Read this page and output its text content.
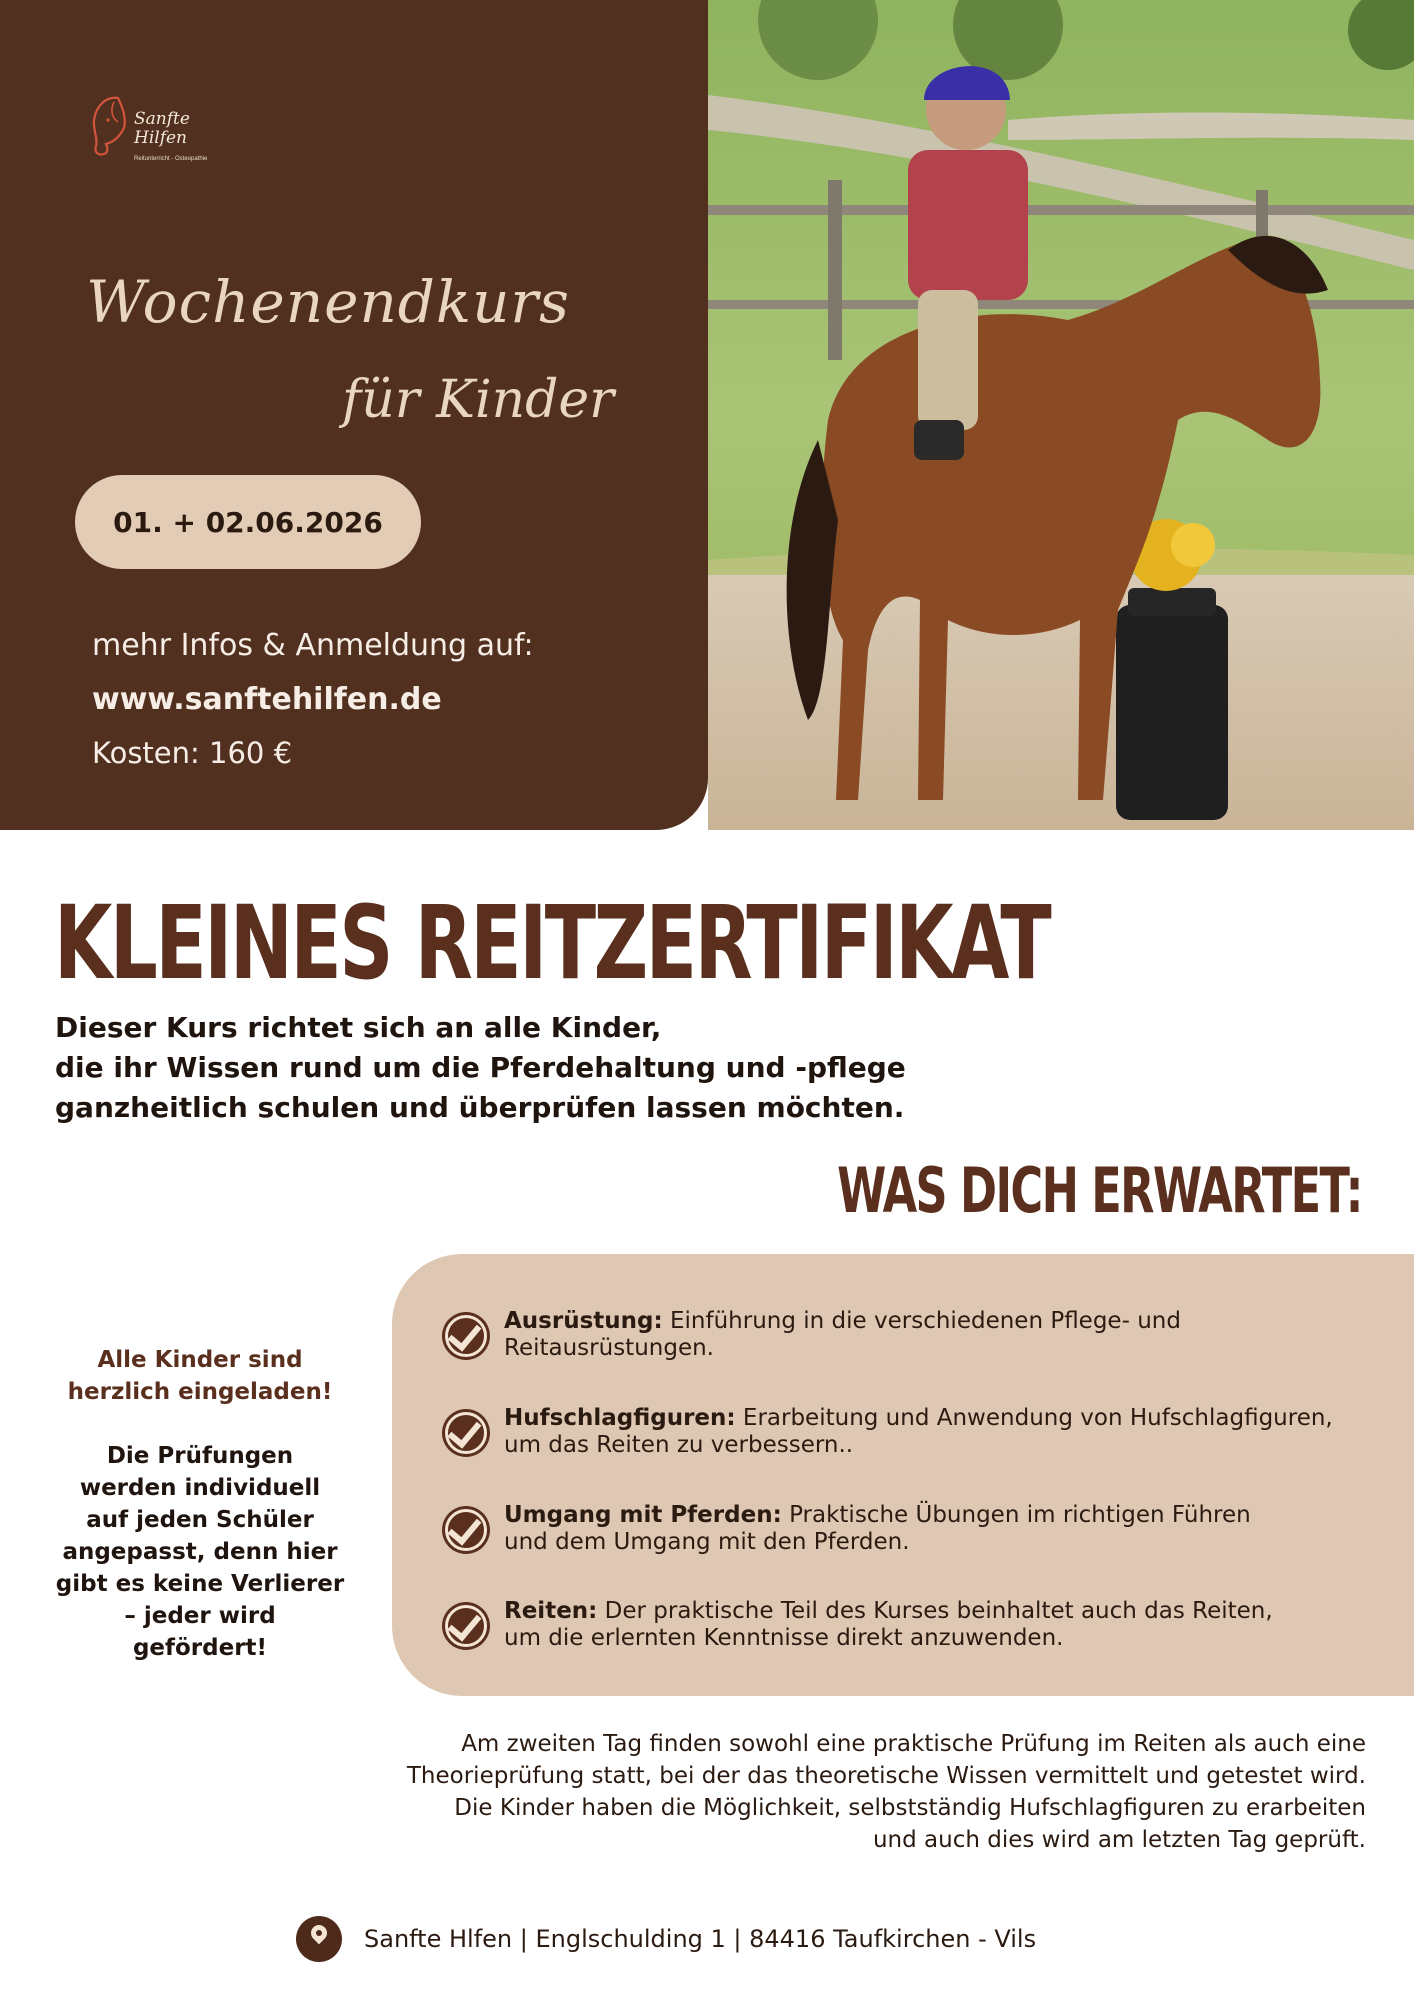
Sanfte
Hilfen
Reitunterricht - Osteopathie
Wochenendkurs
für Kinder
01. + 02.06.2026
mehr Infos & Anmeldung auf:
www.sanftehilfen.de
Kosten: 160 €
KLEINES REITZERTIFIKAT
Dieser Kurs richtet sich an alle Kinder,
die ihr Wissen rund um die Pferdehaltung und -pflege
ganzheitlich schulen und überprüfen lassen möchten.
WAS DICH ERWARTET:
Ausrüstung: Einführung in die verschiedenen Pflege- und
Reitausrüstungen.
Hufschlagfiguren: Erarbeitung und Anwendung von Hufschlagfiguren,
um das Reiten zu verbessern..
Umgang mit Pferden: Praktische Übungen im richtigen Führen
und dem Umgang mit den Pferden.
Reiten: Der praktische Teil des Kurses beinhaltet auch das Reiten,
um die erlernten Kenntnisse direkt anzuwenden.
Alle Kinder sind
herzlich eingeladen!
Die Prüfungen
werden individuell
auf jeden Schüler
angepasst, denn hier
gibt es keine Verlierer
– jeder wird gefördert!
Am zweiten Tag finden sowohl eine praktische Prüfung im Reiten als auch eine
Theorieprüfung statt, bei der das theoretische Wissen vermittelt und getestet wird.
Die Kinder haben die Möglichkeit, selbstständig Hufschlagfiguren zu erarbeiten
und auch dies wird am letzten Tag geprüft.
Sanfte Hlfen | Englschulding 1 | 84416 Taufkirchen - Vils
